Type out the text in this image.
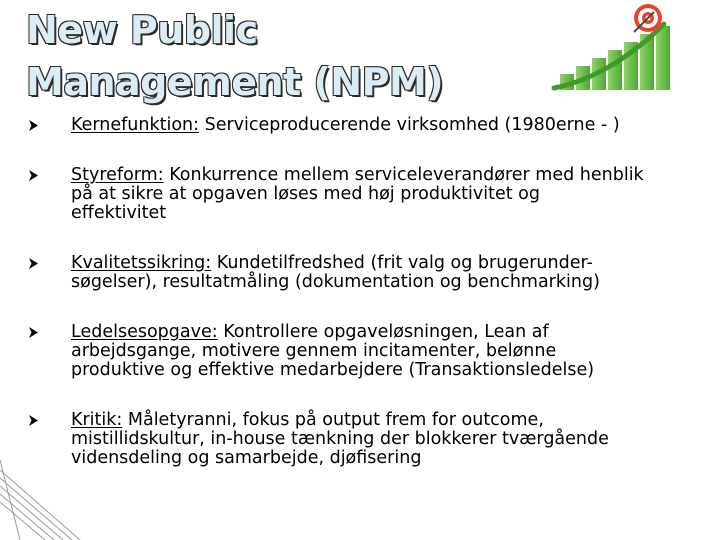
New Public
Management (NPM)
Kernefunktion: Serviceproducerende virksomhed (1980erne - )
Styreform: Konkurrence mellem serviceleverandører med henblik
på at sikre at opgaven løses med høj produktivitet og
effektivitet
Kvalitetssikring: Kundetilfredshed (frit valg og brugerunder-
søgelser), resultatmåling (dokumentation og benchmarking)
Ledelsesopgave: Kontrollere opgaveløsningen, Lean af
arbejdsgange, motivere gennem incitamenter, belønne
produktive og effektive medarbejdere (Transaktionsledelse)
Kritik: Måletyranni, fokus på output frem for outcome,
mistillidskultur, in-house tænkning der blokkerer tværgående
vidensdeling og samarbejde, djøfisering
